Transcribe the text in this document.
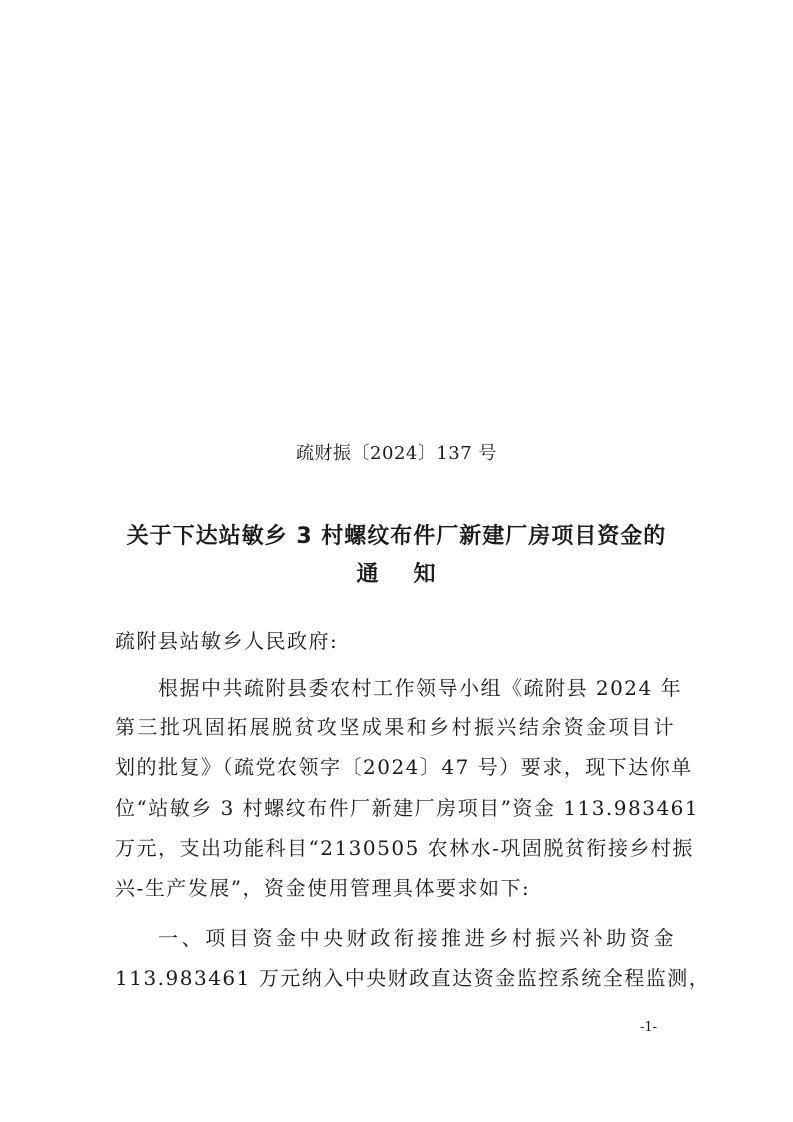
疏财振〔2024〕137 号
关于下达站敏乡 3 村螺纹布件厂新建厂房项目资金的
通 知
疏附县站敏乡人民政府:
根据中共疏附县委农村工作领导小组《疏附县 2024 年
第三批巩固拓展脱贫攻坚成果和乡村振兴结余资金项目计
划的批复》（疏党农领字〔2024〕47 号）要求，现下达你单
位“站敏乡 3 村螺纹布件厂新建厂房项目”资金 113.983461
万元，支出功能科目“2130505 农林水-巩固脱贫衔接乡村振
兴-生产发展”，资金使用管理具体要求如下:
一、项目资金中央财政衔接推进乡村振兴补助资金
113.983461 万元纳入中央财政直达资金监控系统全程监测，
-1-
